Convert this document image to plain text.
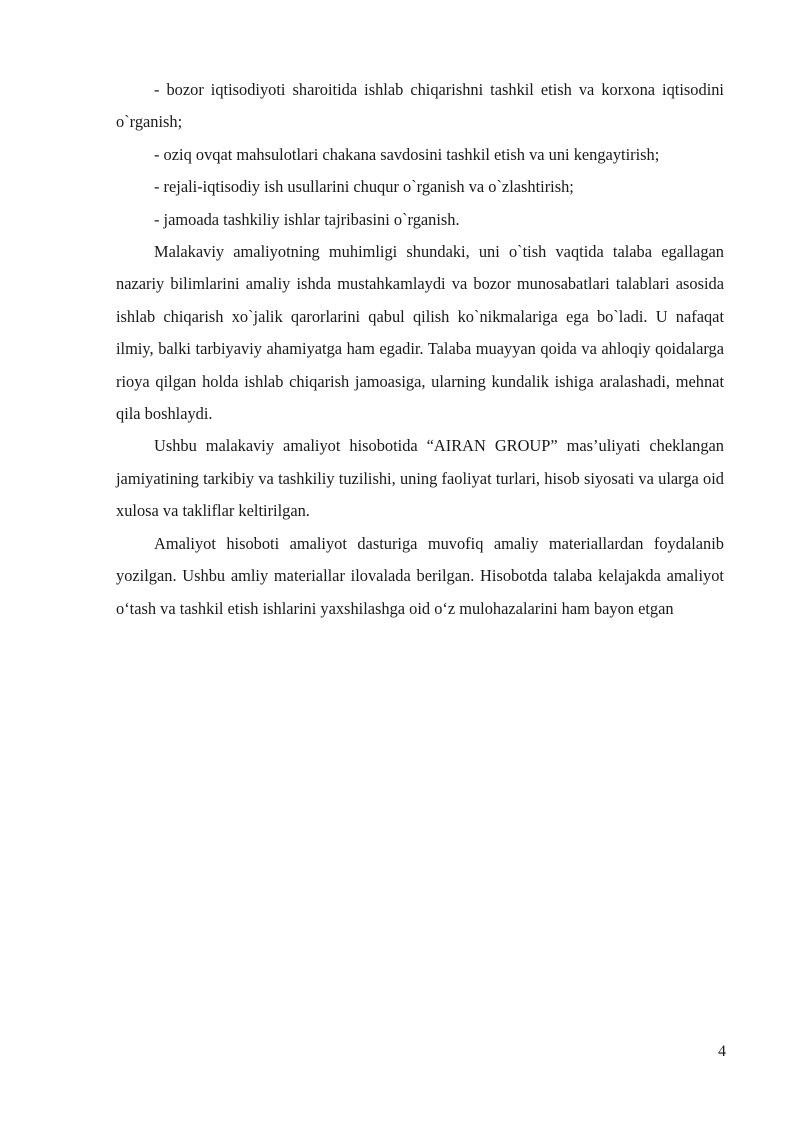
- bozor iqtisodiyoti sharoitida ishlab chiqarishni tashkil etish va korxona iqtisodini o`rganish;

- oziq ovqat mahsulotlari chakana savdosini tashkil etish va uni kengaytirish;

- rejali-iqtisodiy ish usullarini chuqur o`rganish va o`zlashtirish;

- jamoada tashkiliy ishlar tajribasini o`rganish.

Malakaviy amaliyotning muhimligi shundaki, uni o`tish vaqtida talaba egallagan nazariy bilimlarini amaliy ishda mustahkamlaydi va bozor munosabatlari talablari asosida ishlab chiqarish xo`jalik qarorlarini qabul qilish ko`nikmalariga ega bo`ladi. U nafaqat ilmiy, balki tarbiyaviy ahamiyatga ham egadir. Talaba muayyan qoida va ahloqiy qoidalarga rioya qilgan holda ishlab chiqarish jamoasiga, ularning kundalik ishiga aralashadi, mehnat qila boshlaydi.

Ushbu malakaviy amaliyot hisobotida “AIRAN GROUP” mas’uliyati cheklangan jamiyatining tarkibiy va tashkiliy tuzilishi, uning faoliyat turlari, hisob siyosati va ularga oid xulosa va takliflar keltirilgan.

Amaliyot hisoboti amaliyot dasturiga muvofiq amaliy materiallardan foydalanib yozilgan. Ushbu amliy materiallar ilovalada berilgan. Hisobotda talaba kelajakda amaliyot o‘tash va tashkil etish ishlarini yaxshilashga oid o‘z mulohazalarini ham bayon etgan

4
